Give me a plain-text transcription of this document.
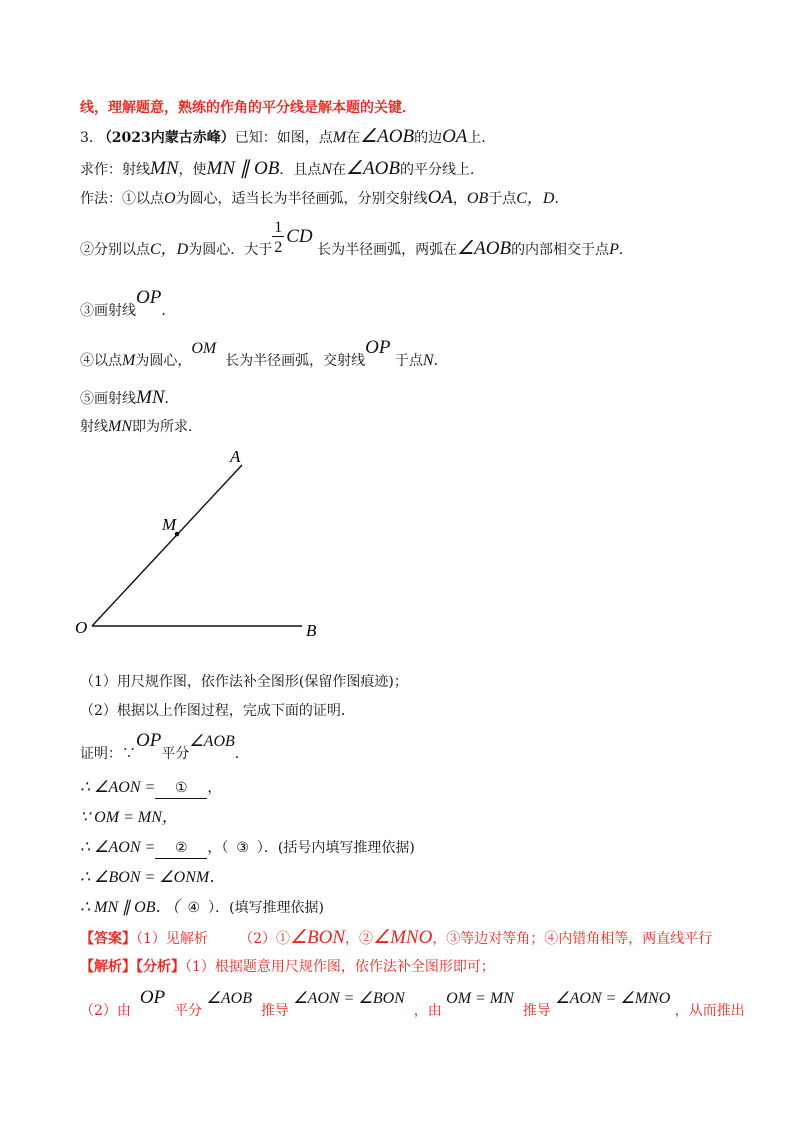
线，理解题意，熟练的作角的平分线是解本题的关键．
3. （2023内蒙古赤峰）已知：如图，点M在∠AOB的边OA上．
求作：射线MN，使MN ∥ OB．且点N在∠AOB的平分线上．
作法：①以点O为圆心，适当长为半径画弧，分别交射线OA，OB于点C，D．
②分别以点C，D为圆心．大于 $\frac{1}{2}$
CD 长为半径画弧，两弧在∠AOB的内部相交于点P．
③画射线OP．
④以点M为圆心，OM  长为半径画弧，交射线OP 于点N．
⑤画射线MN．
射线MN即为所求．
A
M
O	B
（1）用尺规作图，依作法补全图形(保留作图痕迹)；
（2）根据以上作图过程，完成下面的证明．
证明：∵OP平分∠AOB．
∴ ∠AON = ① ，
∵ OM = MN，
∴ ∠AON = ② ，（ ③ ）．(括号内填写推理依据)
∴ ∠BON = ∠ONM．
∴ MN ∥ OB．（ ④ ）．(填写推理依据)
【答案】（1）见解析 （2）①∠BON，②∠MNO，③等边对等角；④内错角相等，两直线平行
【解析】【分析】（1）根据题意用尺规作图，依作法补全图形即可；
（2）由  OP  平分 ∠AOB  推导 ∠AON = ∠BON  ，由 OM = MN  推导 ∠AON = ∠MNO ，从而推出
